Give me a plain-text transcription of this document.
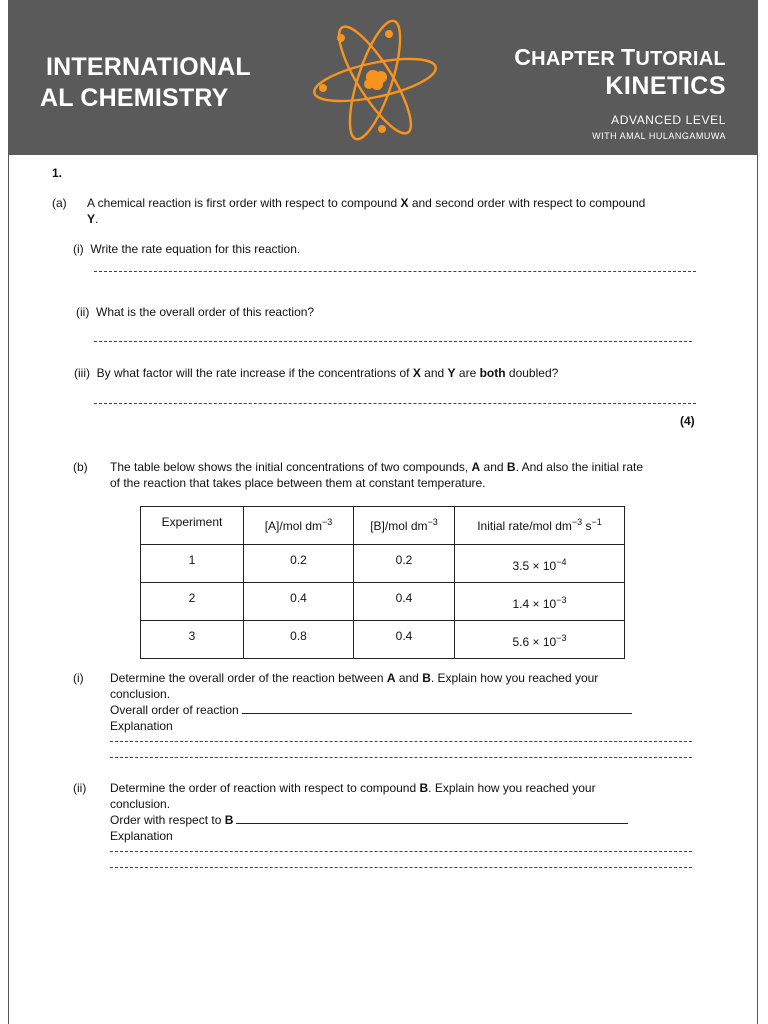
INTERNATIONAL
AL CHEMISTRY
CHAPTER TUTORIAL
KINETICS
ADVANCED LEVEL
WITH AMAL HULANGAMUWA
1.
(a) A chemical reaction is first order with respect to compound X and second order with respect to compound
Y.
(i) Write the rate equation for this reaction.
(ii) What is the overall order of this reaction?
(iii) By what factor will the rate increase if the concentrations of X and Y are both doubled?
(4)
(b) The table below shows the initial concentrations of two compounds, A and B. And also the initial rate
of the reaction that takes place between them at constant temperature.
Experiment	[A]/mol $dm^{-3}$	[B]/mol $dm^{-3}$	Initial rate/mol $dm^{-3}$ $s^{-1}$
1	0.2	0.2	$3.5 \times 10^{-4}$
2	0.4	0.4	$1.4 \times 10^{-3}$
3	0.8	0.4	$5.6 \times 10^{-3}$
(i) Determine the overall order of the reaction between A and B. Explain how you reached your
conclusion.
Overall order of reaction
Explanation
(ii) Determine the order of reaction with respect to compound B. Explain how you reached your
conclusion.
Order with respect to B
Explanation
